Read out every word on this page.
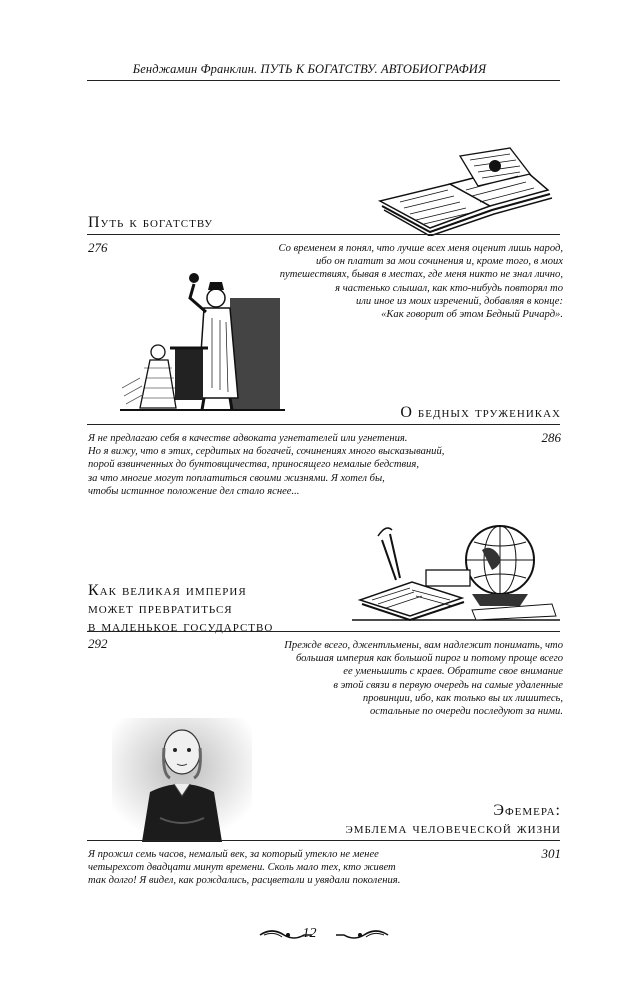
Бенджамин Франклин. ПУТЬ К БОГАТСТВУ. АВТОБИОГРАФИЯ
Путь к богатству
276	Со временем я понял, что лучше всех меня оценит лишь народ,
ибо он платит за мои сочинения и, кроме того, в моих
путешествиях, бывая в местах, где меня никто не знал лично,
я частенько слышал, как кто-нибудь повторял то
или иное из моих изречений, добавляя в конце:
«Как говорит об этом Бедный Ричард».
О бедных тружениках
286
Я не предлагаю себя в качестве адвоката угнетателей или угнетения.
Но я вижу, что в этих, сердитых на богачей, сочинениях много высказываний,
порой взвинченных до бунтовщичества, приносящего немалые бедствия,
за что многие могут поплатиться своими жизнями. Я хотел бы,
чтобы истинное положение дел стало яснее...
Как великая империя
может превратиться
в маленькое государство
292	Прежде всего, джентльмены, вам надлежит понимать, что
большая империя как большой пирог и потому проще всего
ее уменьшить с краев. Обратите свое внимание
в этой связи в первую очередь на самые удаленные
провинции, ибо, как только вы их лишитесь,
остальные по очереди последуют за ними.
Эфемера:
эмблема человеческой жизни
301
Я прожил семь часов, немалый век, за который утекло не менее
четырехсот двадцати минут времени. Сколь мало тех, кто живет
так долго! Я видел, как рождались, расцветали и увядали поколения.
12
